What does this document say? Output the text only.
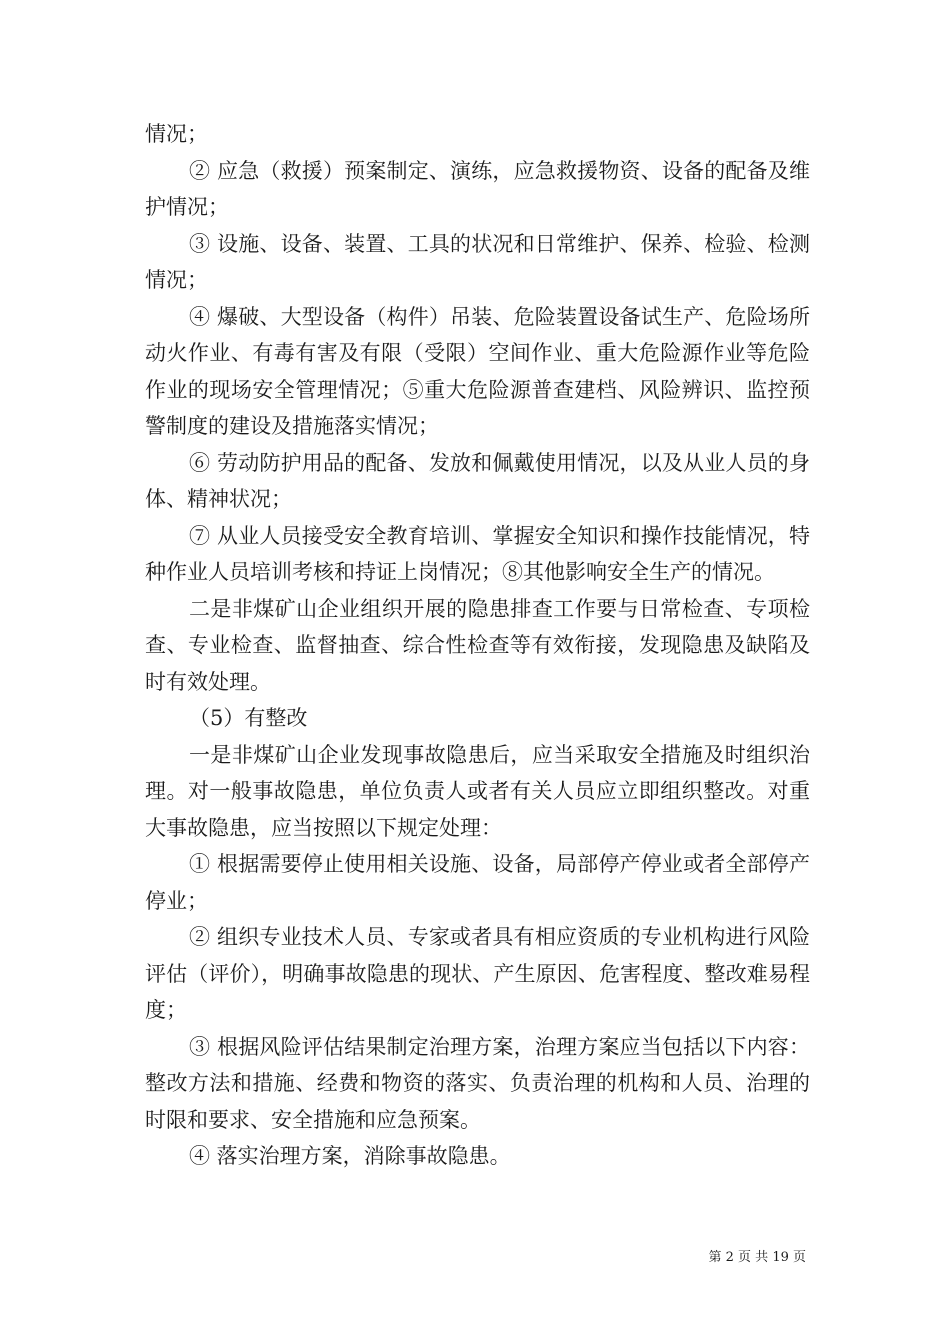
情况；

② 应急（救援）预案制定、演练，应急救援物资、设备的配备及维护情况；

③ 设施、设备、装置、工具的状况和日常维护、保养、检验、检测情况；

④ 爆破、大型设备（构件）吊装、危险装置设备试生产、危险场所动火作业、有毒有害及有限（受限）空间作业、重大危险源作业等危险作业的现场安全管理情况；⑤重大危险源普查建档、风险辨识、监控预警制度的建设及措施落实情况；

⑥ 劳动防护用品的配备、发放和佩戴使用情况，以及从业人员的身体、精神状况；

⑦ 从业人员接受安全教育培训、掌握安全知识和操作技能情况，特种作业人员培训考核和持证上岗情况；⑧其他影响安全生产的情况。

二是非煤矿山企业组织开展的隐患排查工作要与日常检查、专项检查、专业检查、监督抽查、综合性检查等有效衔接，发现隐患及缺陷及时有效处理。

（5）有整改

一是非煤矿山企业发现事故隐患后，应当采取安全措施及时组织治理。对一般事故隐患，单位负责人或者有关人员应立即组织整改。对重大事故隐患，应当按照以下规定处理：

① 根据需要停止使用相关设施、设备，局部停产停业或者全部停产停业；

② 组织专业技术人员、专家或者具有相应资质的专业机构进行风险评估（评价），明确事故隐患的现状、产生原因、危害程度、整改难易程度；

③ 根据风险评估结果制定治理方案，治理方案应当包括以下内容：整改方法和措施、经费和物资的落实、负责治理的机构和人员、治理的时限和要求、安全措施和应急预案。

④ 落实治理方案，消除事故隐患。

第 2 页 共 19 页
